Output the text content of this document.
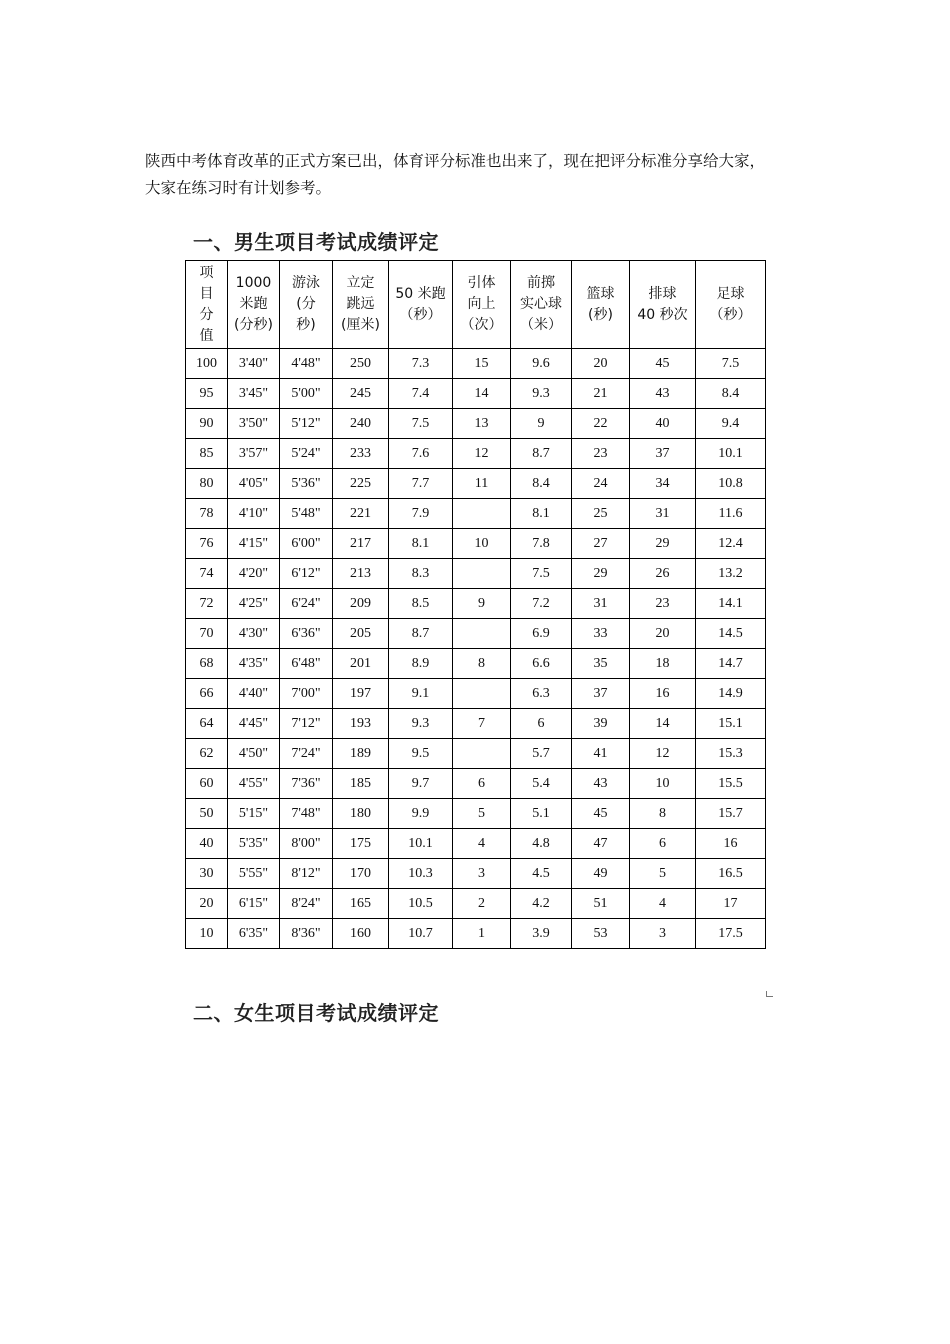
陕西中考体育改革的正式方案已出，体育评分标准也出来了，现在把评分标准分享给大家，
大家在练习时有计划参考。

一、男生项目考试成绩评定
项
目
分
值	1000
米跑
(分秒)	游泳
(分
秒)	立定
跳远
(厘米)	50 米跑
（秒）	引体
向上
（次）	前掷
实心球
（米）	篮球
(秒)	排球
40 秒次	足球
（秒）
100	3'40"	4'48"	250	7.3	15	9.6	20	45	7.5
95	3'45"	5'00"	245	7.4	14	9.3	21	43	8.4
90	3'50"	5'12"	240	7.5	13	9	22	40	9.4
85	3'57"	5'24"	233	7.6	12	8.7	23	37	10.1
80	4'05"	5'36"	225	7.7	11	8.4	24	34	10.8
78	4'10"	5'48"	221	7.9		8.1	25	31	11.6
76	4'15"	6'00"	217	8.1	10	7.8	27	29	12.4
74	4'20"	6'12"	213	8.3		7.5	29	26	13.2
72	4'25"	6'24"	209	8.5	9	7.2	31	23	14.1
70	4'30"	6'36"	205	8.7		6.9	33	20	14.5
68	4'35"	6'48"	201	8.9	8	6.6	35	18	14.7
66	4'40"	7'00"	197	9.1		6.3	37	16	14.9
64	4'45"	7'12"	193	9.3	7	6	39	14	15.1
62	4'50"	7'24"	189	9.5		5.7	41	12	15.3
60	4'55"	7'36"	185	9.7	6	5.4	43	10	15.5
50	5'15"	7'48"	180	9.9	5	5.1	45	8	15.7
40	5'35"	8'00"	175	10.1	4	4.8	47	6	16
30	5'55"	8'12"	170	10.3	3	4.5	49	5	16.5
20	6'15"	8'24"	165	10.5	2	4.2	51	4	17
10	6'35"	8'36"	160	10.7	1	3.9	53	3	17.5
二、女生项目考试成绩评定
